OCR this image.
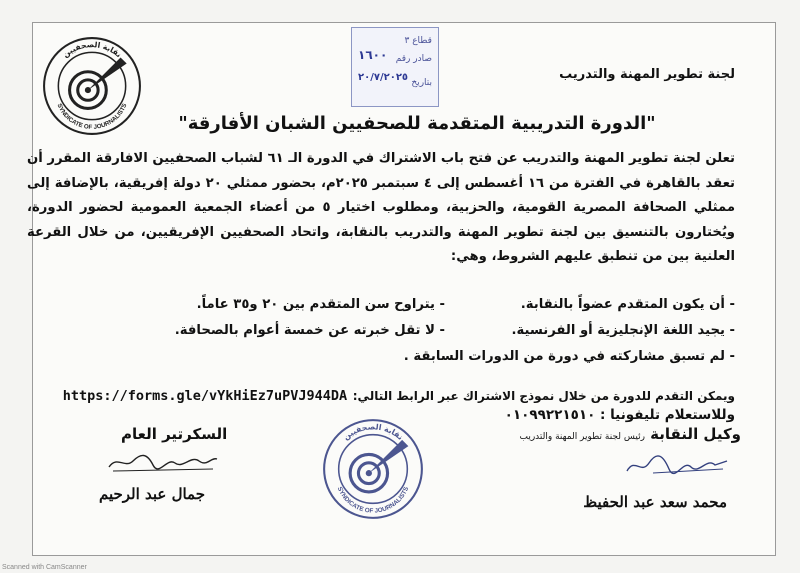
قطاع ٣
صادر رقم
١٦٠٠
بتاريخ
٢٠/٧/٢٠٢٥
نقابة الصحفيين
SYNDICATE OF JOURNALISTS
لجنة تطوير المهنة والتدريب
"الدورة التدريبية المتقدمة للصحفيين الشبان الأفارقة"

تعلن لجنة تطوير المهنة والتدريب عن فتح باب الاشتراك في الدورة الـ ٦١ لشباب الصحفيين الافارقة المقرر أن تعقد بالقاهرة في الفترة من ١٦ أغسطس إلى ٤ سبتمبر ٢٠٢٥م، بحضور ممثلي ٢٠ دولة إفريقية، بالإضافة إلى ممثلي الصحافة المصرية القومية، والحزبية، ومطلوب اختيار ٥ من أعضاء الجمعية العمومية لحضور الدورة، ويُختارون بالتنسيق بين لجنة تطوير المهنة والتدريب بالنقابة، واتحاد الصحفيين الإفريقيين، من خلال القرعة العلنية بين من تنطبق عليهم الشروط، وهي:

- أن يكون المتقدم عضواً بالنقابة.
- يتراوح سن المتقدم بين ٢٠ و٣٥ عاماً.
- يجيد اللغة الإنجليزية أو الفرنسية.
- لا تقل خبرته عن خمسة أعوام بالصحافة.
- لم تسبق مشاركته في دورة من الدورات السابقة .
ويمكن التقدم للدورة من خلال نموذج الاشتراك عبر الرابط التالي: https://forms.gle/vYkHiEz7uPVJ944DA
وللاستعلام تليفونيا : ٠١٠٩٩٢٢١٥١٠
وكيل النقابة رئيس لجنة تطوير المهنة والتدريب
محمد سعد عبد الحفيظ
السكرتير العام
جمال عبد الرحيم
نقابة الصحفيين
SYNDICATE OF JOURNALISTS
Scanned with CamScanner
